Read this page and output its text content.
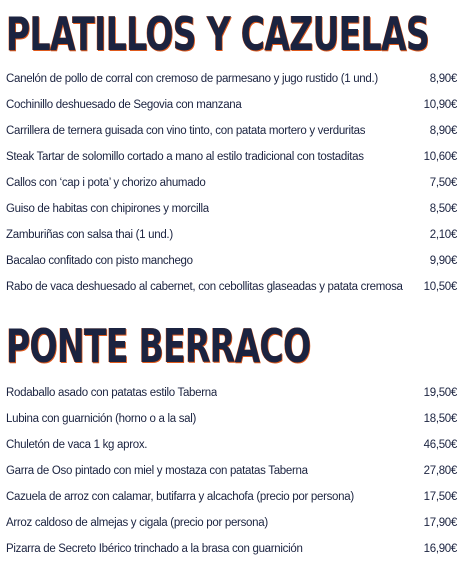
PLATILLOS Y CAZUELAS
Canelón de pollo de corral con cremoso de parmesano y jugo rustido (1 und.)	8,90€
Cochinillo deshuesado de Segovia con manzana	10,90€
Carrillera de ternera guisada con vino tinto, con patata mortero y verduritas	8,90€
Steak Tartar de solomillo cortado a mano al estilo tradicional con tostaditas	10,60€
Callos con ‘cap i pota’ y chorizo ahumado	7,50€
Guiso de habitas con chipirones y morcilla	8,50€
Zamburiñas con salsa thai (1 und.)	2,10€
Bacalao confitado con pisto manchego	9,90€
Rabo de vaca deshuesado al cabernet, con cebollitas glaseadas y patata cremosa 10,50€
PONTE BERRACO
Rodaballo asado con patatas estilo Taberna	19,50€
Lubina con guarnición (horno o a la sal)	18,50€
Chuletón de vaca 1 kg aprox.	46,50€
Garra de Oso pintado con miel y mostaza con patatas Taberna	27,80€
Cazuela de arroz con calamar, butifarra y alcachofa (precio por persona)	17,50€
Arroz caldoso de almejas y cigala (precio por persona)	17,90€
Pizarra de Secreto Ibérico trinchado a la brasa con guarnición	16,90€
